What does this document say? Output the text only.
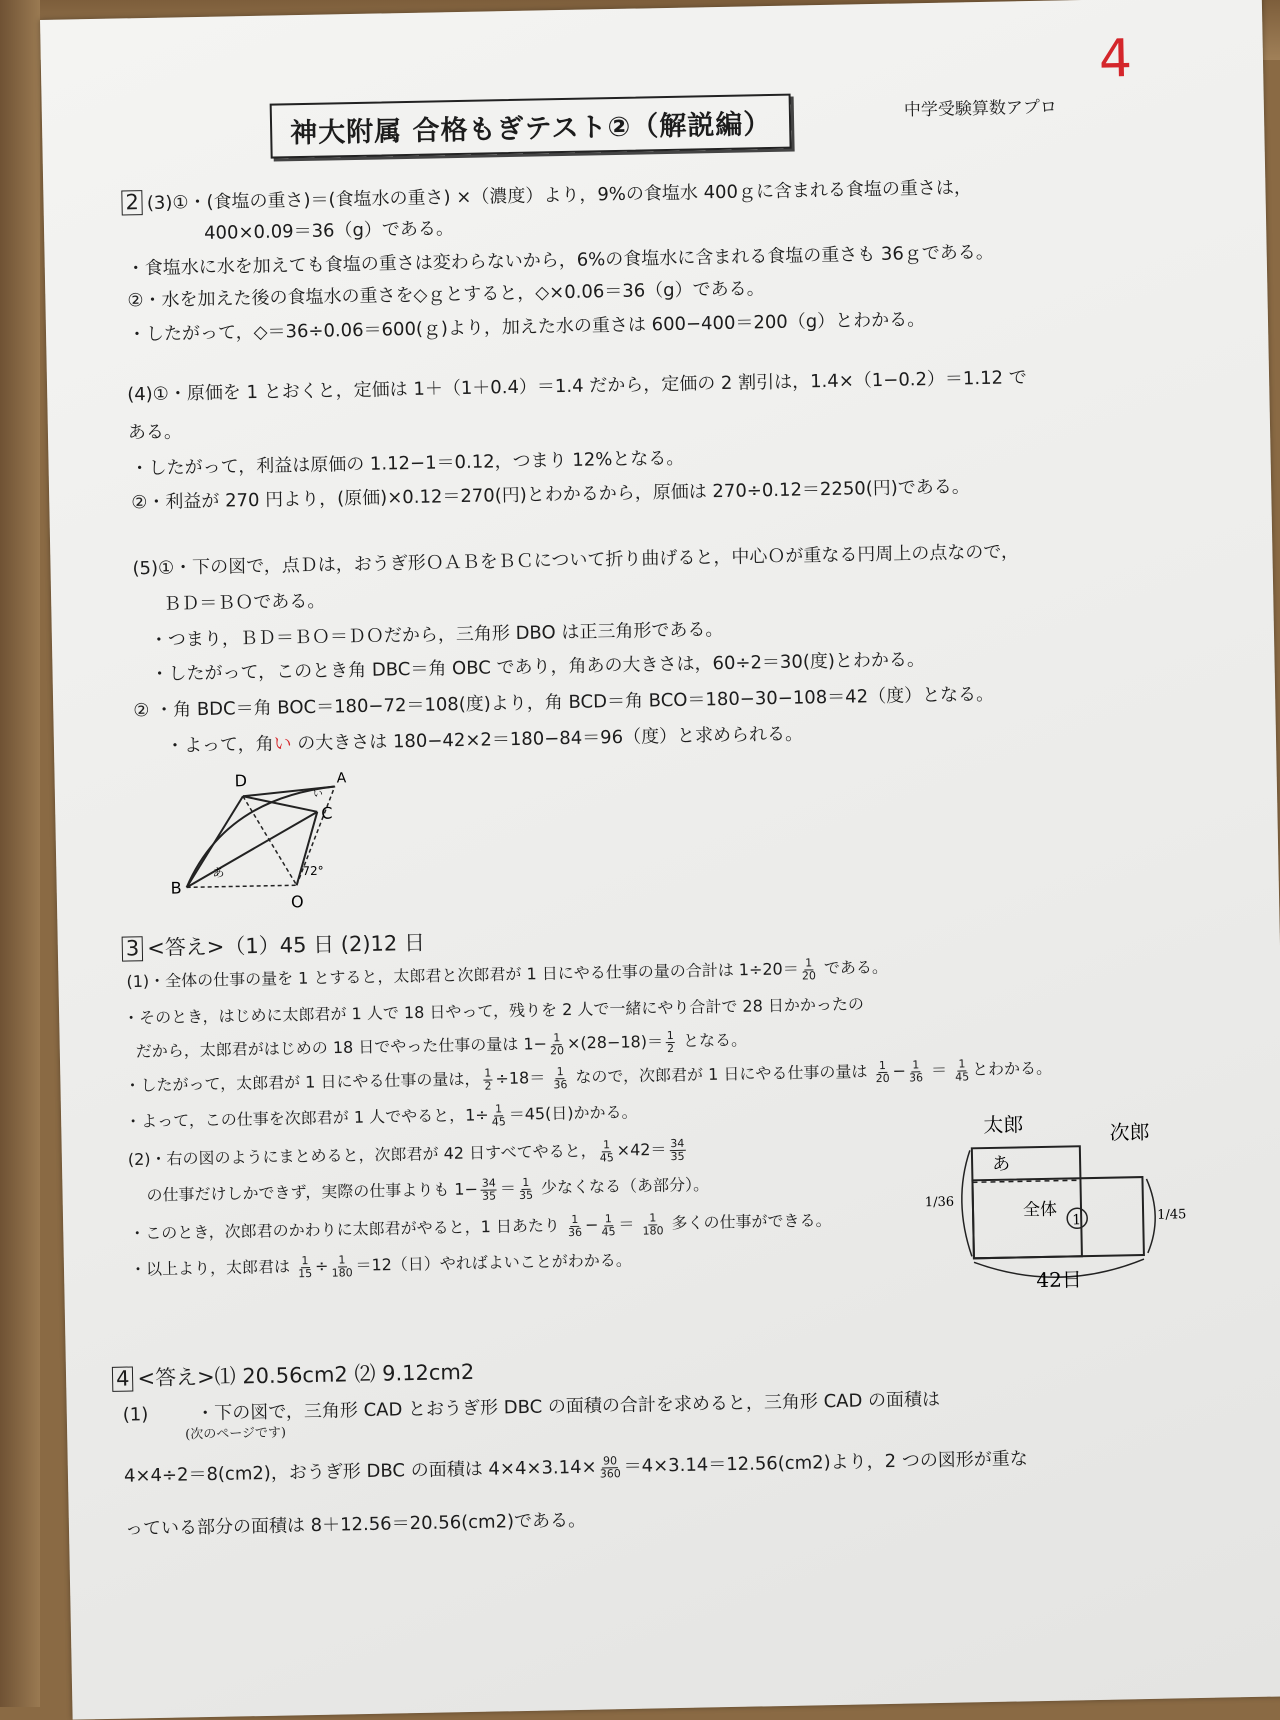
4
中学受験算数アプロ
神大附属 合格もぎテスト②（解説編）
2 (3)①・(食塩の重さ)＝(食塩水の重さ) ×（濃度）より，9%の食塩水 400ｇに含まれる食塩の重さは，
400×0.09＝36（g）である。
・食塩水に水を加えても食塩の重さは変わらないから，6%の食塩水に含まれる食塩の重さも 36ｇである。
②・水を加えた後の食塩水の重さを◇ｇとすると，◇×0.06＝36（g）である。
・したがって，◇＝36÷0.06＝600(ｇ)より，加えた水の重さは 600−400＝200（g）とわかる。
(4)①・原価を 1 とおくと，定価は 1＋（1＋0.4）＝1.4 だから，定価の 2 割引は，1.4×（1−0.2）＝1.12 で
ある。
・したがって，利益は原価の 1.12−1＝0.12，つまり 12%となる。
②・利益が 270 円より，(原価)×0.12＝270(円)とわかるから，原価は 270÷0.12＝2250(円)である。
(5)①・下の図で，点Ｄは，おうぎ形ＯＡＢをＢＣについて折り曲げると，中心Ｏが重なる円周上の点なので，
ＢＤ＝ＢＯである。
・つまり，ＢＤ＝ＢＯ＝ＤＯだから，三角形 DBO は正三角形である。
・したがって，このとき角 DBC＝角 OBC であり，角あの大きさは，60÷2＝30(度)とわかる。
② ・角 BDC＝角 BOC＝180−72＝108(度)より，角 BCD＝角 BCO＝180−30−108＝42（度）となる。
・よって，角い の大きさは 180−42×2＝180−84＝96（度）と求められる。
D	A
C
B
O
あ
い
72°
3 <答え>（1）45 日 (2)12 日
(1)・全体の仕事の量を 1 とすると，太郎君と次郎君が 1 日にやる仕事の量の合計は $1\div 20= \frac{1}{20}$ である。
・そのとき，はじめに太郎君が 1 人で 18 日やって，残りを 2 人で一緒にやり合計で 28 日かかったの
だから，太郎君がはじめの 18 日でやった仕事の量は $1- \frac{1}{20} \times(28-18)= \frac{1}{2}$ となる。
・したがって，太郎君が 1 日にやる仕事の量は， $\frac{1}{2} \div 18= \frac{1}{36}$ なので，次郎君が 1 日にやる仕事の量は $\frac{1}{20} - \frac{1}{36} = \frac{1}{45}$ とわかる。
・よって，この仕事を次郎君が 1 人でやると，$1\div \frac{1}{45} =45$(日)かかる。
(2)・右の図のようにまとめると，次郎君が 42 日すべてやると， $\frac{1}{45} \times 42= \frac{34}{35}$
の仕事だけしかできず，実際の仕事よりも $1- \frac{34}{35} = \frac{1}{35}$ 少なくなる（あ部分）。
・このとき，次郎君のかわりに太郎君がやると，1 日あたり $\frac{1}{36} - \frac{1}{45} = \frac{1}{180}$ 多くの仕事ができる。
・以上より，太郎君は $\frac{1}{15} \div \frac{1}{180} =12$（日）やればよいことがわかる。
太郎	次郎
あ
全体 1
1/36
1/45
42日
4 <答え>⑴ 20.56cm2 ⑵ 9.12cm2
(1)	・下の図で，三角形 CAD とおうぎ形 DBC の面積の合計を求めると，三角形 CAD の面積は
(次のページです)
4×4÷2＝8(cm2)，おうぎ形 DBC の面積は $4\times 4\times 3.14\times \frac{90}{360} =4\times 3.14=12.56(cm2)$より，2 つの図形が重な
っている部分の面積は 8＋12.56＝20.56(cm2)である。
